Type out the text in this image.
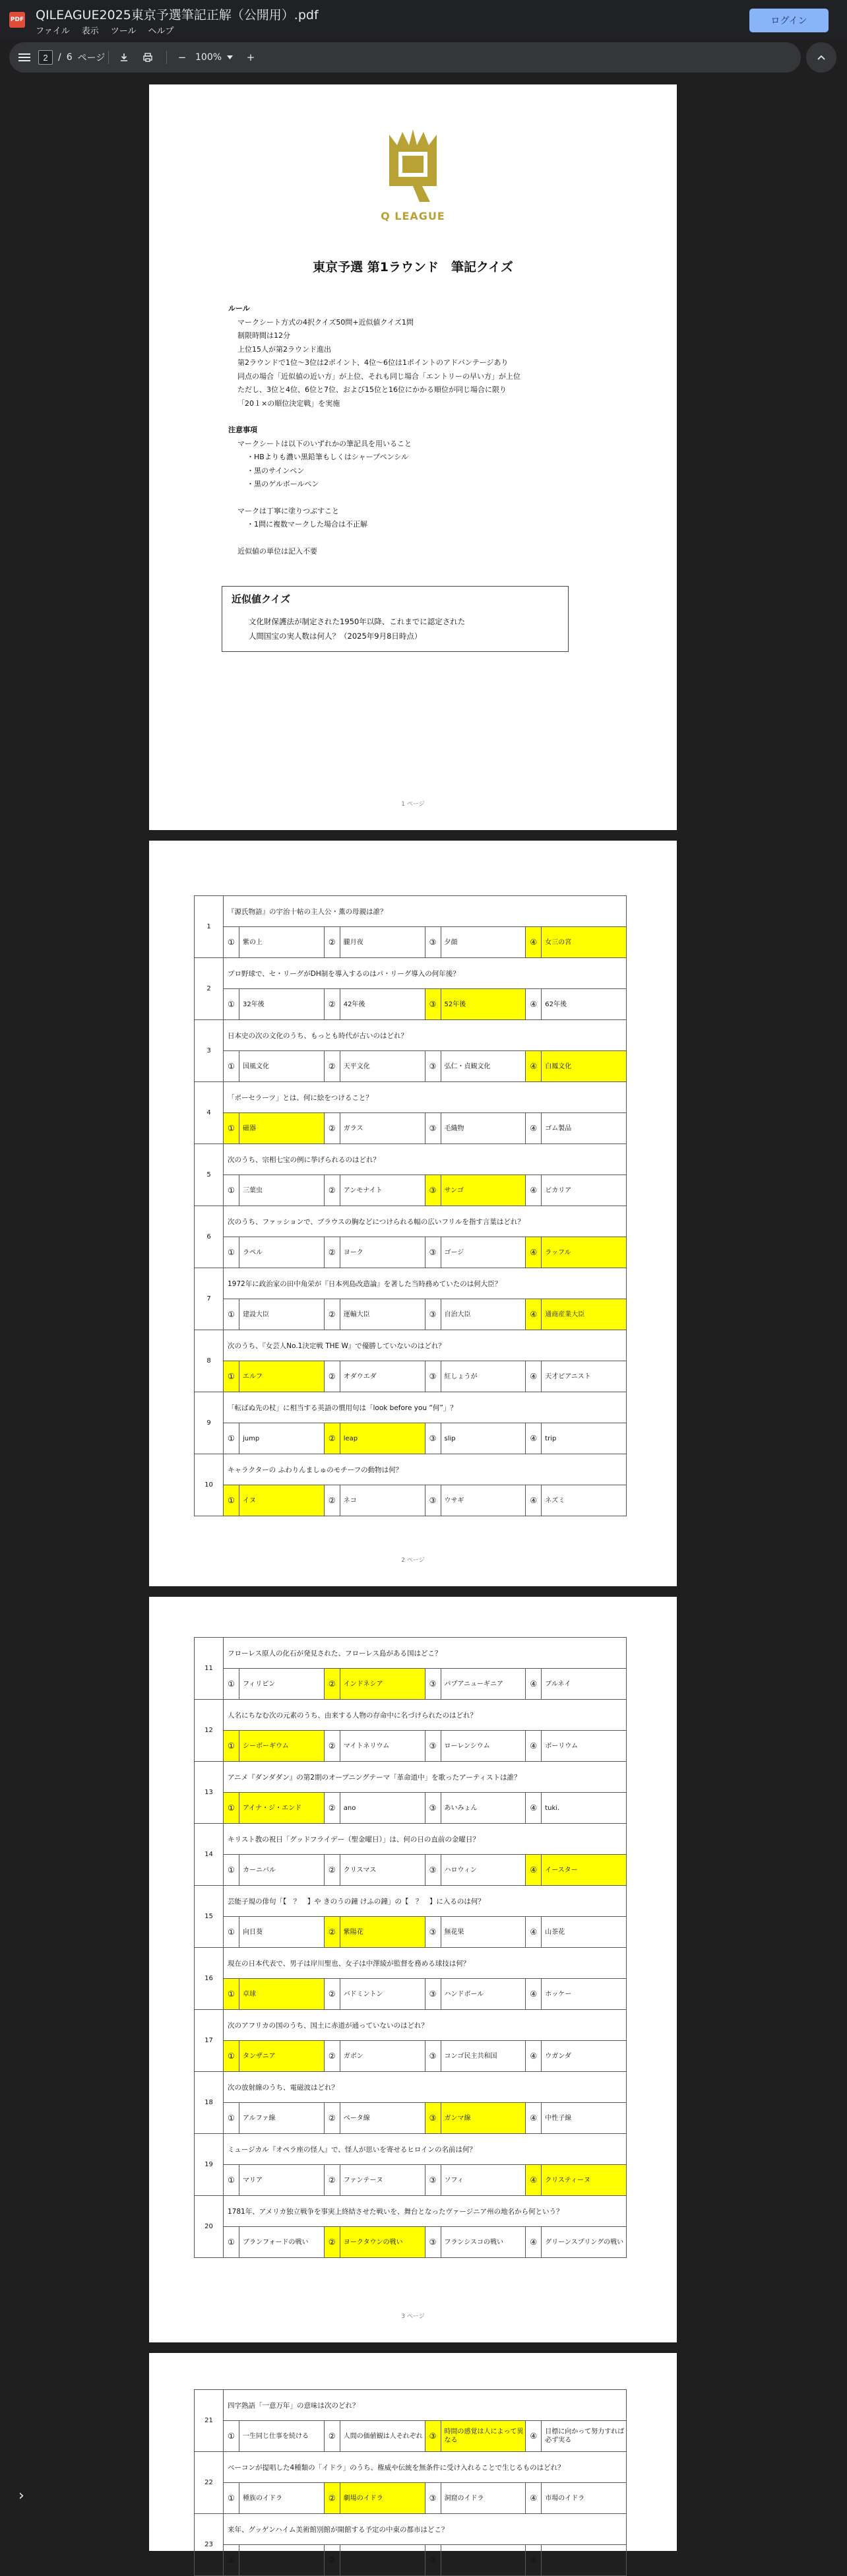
PDF QILEAGUE2025東京予選筆記正解（公開用）.pdf
ファイル 表示 ツール ヘルプ
ログイン
2
/ 6 ページ	− 100%	+
Q LEAGUE
東京予選 第1ラウンド　筆記クイズ
ルール
マークシート方式の4択クイズ50問+近似値クイズ1問
制限時間は12分
上位15人が第2ラウンド進出
第2ラウンドで1位～3位は2ポイント、4位～6位は1ポイントのアドバンテージあり
同点の場合「近似値の近い方」が上位、それも同じ場合「エントリーの早い方」が上位
ただし、3位と4位、6位と7位、および15位と16位にかかる順位が同じ場合に限り
「20１×の順位決定戦」を実施
注意事項
マークシートは以下のいずれかの筆記具を用いること
・HBよりも濃い黒鉛筆もしくはシャープペンシル
・黒のサインペン
・黒のゲルボールペン
マークは丁寧に塗りつぶすこと
・1問に複数マークした場合は不正解
近似値の単位は記入不要
近似値クイズ
文化財保護法が制定された1950年以降、これまでに認定された
人間国宝の実人数は何人？（2025年9月8日時点）
1 ページ
1
『源氏物語』の宇治十帖の主人公・薫の母親は誰？
①	紫の上	②	朧月夜	③	夕顔	④	女三の宮
2
プロ野球で、セ・リーグがDH制を導入するのはパ・リーグ導入の何年後？
①	32年後	②	42年後	③	52年後	④	62年後
3
日本史の次の文化のうち、もっとも時代が古いのはどれ？
①	国風文化	②	天平文化	③	弘仁・貞観文化	④	白鳳文化
4
「ポーセラーツ」とは、何に絵をつけること？
①	磁器	②	ガラス	③	毛織物	④	ゴム製品
5
次のうち、宗相七宝の例に挙げられるのはどれ？
①	三葉虫	②	アンモナイト	③	サンゴ	④	ビカリア
6
次のうち、ファッションで、ブラウスの胸などにつけられる幅の広いフリルを指す言葉はどれ？
①	ラペル	②	ヨーク	③	ゴージ	④	ラッフル
7
1972年に政治家の田中角栄が『日本列島改造論』を著した当時務めていたのは何大臣？
①	建設大臣	②	運輸大臣	③	自治大臣	④	通商産業大臣
8
次のうち、『女芸人No.1決定戦 THE W』で優勝していないのはどれ？
①	エルフ	②	オダウエダ	③	紅しょうが	④	天才ピアニスト
9
「転ばぬ先の杖」に相当する英語の慣用句は「look before you “何”」？
①	jump	②	leap	③	slip	④	trip
10
キャラクターの ふわりんましゅのモチーフの動物は何？
①	イヌ	②	ネコ	③	ウサギ	④	ネズミ
2 ページ
11
フローレス原人の化石が発見された、フローレス島がある国はどこ？
①	フィリピン	②	インドネシア	③	パプアニューギニア	④	ブルネイ
12
人名にちなむ次の元素のうち、由来する人物の存命中に名づけられたのはどれ？
①	シーボーギウム	②	マイトネリウム	③	ローレンシウム	④	ボーリウム
13
アニメ『ダンダダン』の第2期のオープニングテーマ「革命道中」を歌ったアーティストは誰？
①	アイナ・ジ・エンド	②	ano	③	あいみょん	④	tuki.
14
キリスト教の祝日「グッドフライデー（聖金曜日）」は、何の日の直前の金曜日？
①	カーニバル	②	クリスマス	③	ハロウィン	④	イースター
15
芸能子規の俳句「【　？　】や きのうの鐘 けふの鐘」の【　？　】に入るのは何？
①	向日葵	②	紫陽花	③	無花果	④	山茶花
16
現在の日本代表で、男子は岸川聖也、女子は中澤綾が監督を務める球技は何？
①	卓球	②	バドミントン	③	ハンドボール	④	ホッケー
17
次のアフリカの国のうち、国土に赤道が通っていないのはどれ？
①	タンザニア	②	ガボン	③	コンゴ民主共和国	④	ウガンダ
18
次の放射線のうち、電磁波はどれ？
①	アルファ線	②	ベータ線	③	ガンマ線	④	中性子線
19
ミュージカル『オペラ座の怪人』で、怪人が思いを寄せるヒロインの名前は何？
①	マリア	②	ファンテーヌ	③	ソフィ	④	クリスティーヌ
20
1781年、アメリカ独立戦争を事実上終結させた戦いを、舞台となったヴァージニア州の地名から何という？
①	ブランフォードの戦い	②	ヨークタウンの戦い	③	フランシスコの戦い	④	グリーンスプリングの戦い
3 ページ
21
四字熟語「一意万年」の意味は次のどれ？
①	一生同じ仕事を続ける	②	人間の価値観は人それぞれ ③	時間の感覚は人によって異なる	④	目標に向かって努力すれば必ず実る
22
ベーコンが提唱した4種類の「イドラ」のうち、権威や伝統を無条件に受け入れることで生じるものはどれ？
①	種族のイドラ	②	劇場のイドラ	③	洞窟のイドラ	④	市場のイドラ
23
来年、グッゲンハイム美術館別館が開館する予定の中東の都市はどこ？
①	②	③	④
›
